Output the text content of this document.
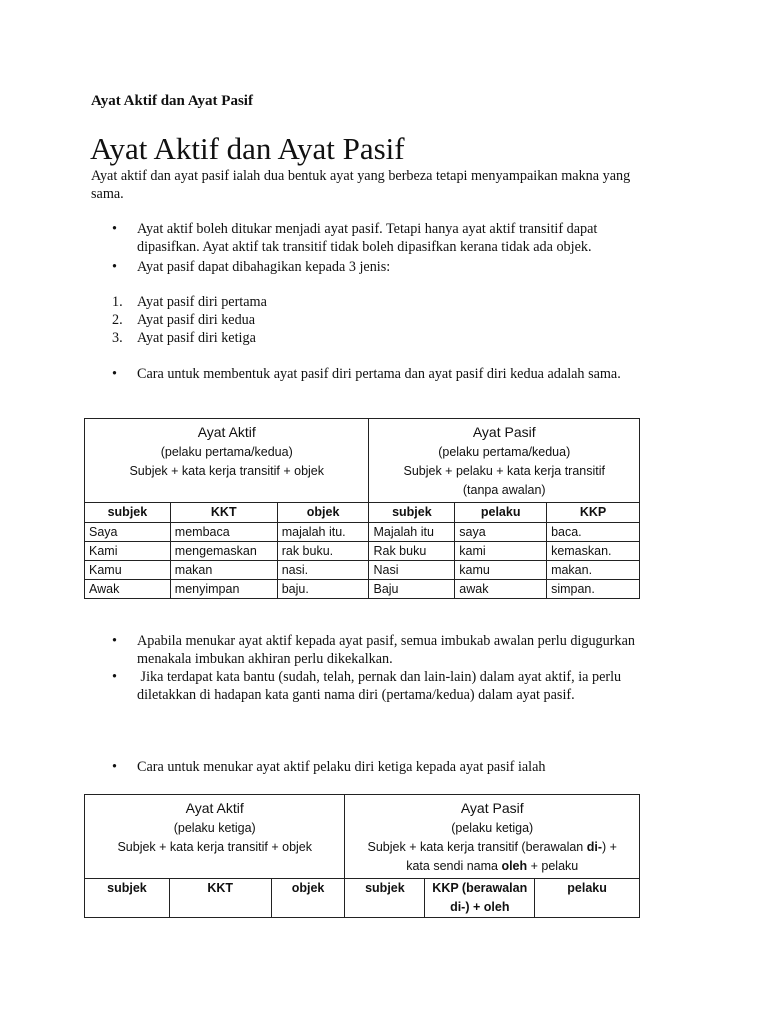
Ayat Aktif dan Ayat Pasif
Ayat Aktif dan Ayat Pasif

Ayat aktif dan ayat pasif ialah dua bentuk ayat yang berbeza tetapi menyampaikan makna yang
sama.

• Ayat aktif boleh ditukar menjadi ayat pasif. Tetapi hanya ayat aktif transitif dapat
dipasifkan. Ayat aktif tak transitif tidak boleh dipasifkan kerana tidak ada objek.
• Ayat pasif dapat dibahagikan kepada 3 jenis:
1. Ayat pasif diri pertama
2. Ayat pasif diri kedua
3. Ayat pasif diri ketiga
• Cara untuk membentuk ayat pasif diri pertama dan ayat pasif diri kedua adalah sama.
Ayat Aktif
(pelaku pertama/kedua)
Subjek + kata kerja transitif + objek			Ayat Pasif
(pelaku pertama/kedua)
Subjek + pelaku + kata kerja transitif
(tanpa awalan)		

subjek	KKT	objek	subjek	pelaku	KKP
Saya	membaca	majalah itu.	Majalah itu	saya	baca.
Kami	mengemaskan	rak buku.	Rak buku	kami	kemaskan.
Kamu	makan	nasi.	Nasi	kamu	makan.
Awak	menyimpan	baju.	Baju	awak	simpan.
• Apabila menukar ayat aktif kepada ayat pasif, semua imbukab awalan perlu digugurkan
menakala imbukan akhiran perlu dikekalkan.
• Jika terdapat kata bantu (sudah, telah, pernak dan lain-lain) dalam ayat aktif, ia perlu
diletakkan di hadapan kata ganti nama diri (pertama/kedua) dalam ayat pasif.
• Cara untuk menukar ayat aktif pelaku diri ketiga kepada ayat pasif ialah
Ayat Aktif
(pelaku ketiga)
Subjek + kata kerja transitif + objek			Ayat Pasif
(pelaku ketiga)
Subjek + kata kerja transitif (berawalan di-) +
kata sendi nama oleh + pelaku		

subjek	KKT	objek	subjek	KKP (berawalan di-) + oleh	pelaku
